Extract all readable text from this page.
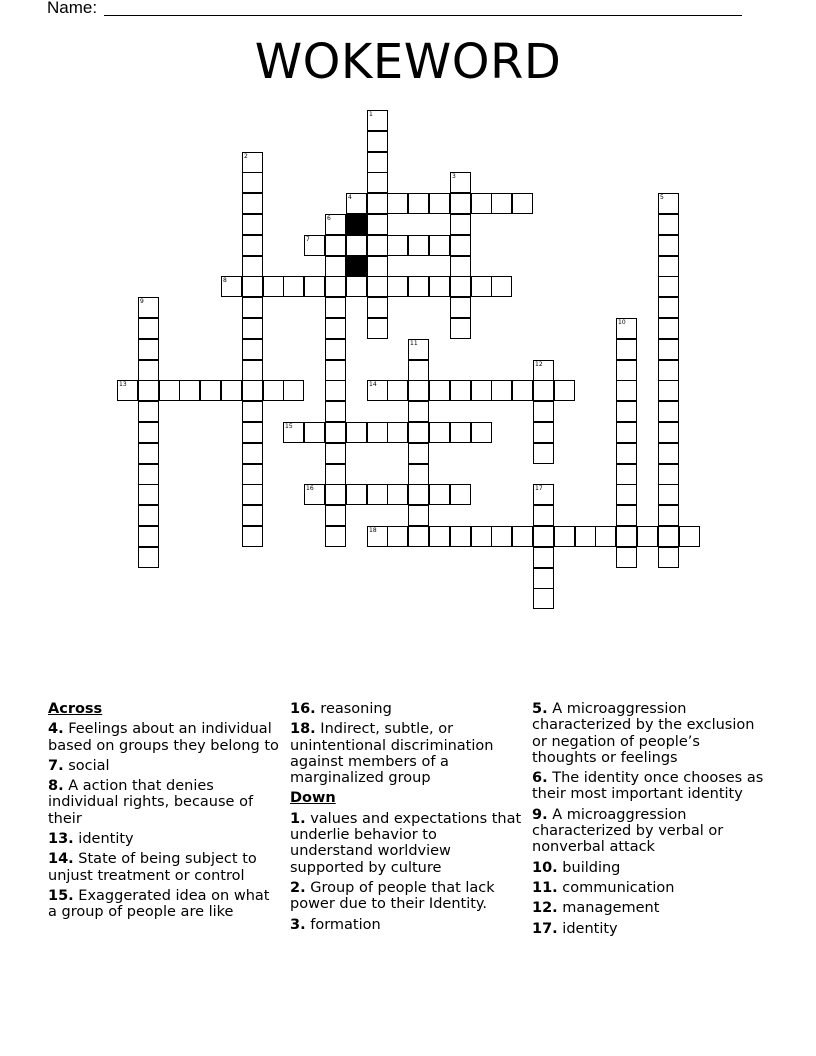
Name:
WOKEWORD
1
2
3
4	5
6
7
8
9
10
11
12
13	14
15
16	17
18
Across
4. Feelings about an individual based on groups they belong to
7. social
8. A action that denies individual rights, because of their
13. identity
14. State of being subject to unjust treatment or control
15. Exaggerated idea on what a group of people are like
16. reasoning
18. Indirect, subtle, or unintentional discrimination against members of a marginalized group
Down
1. values and expectations that underlie behavior to understand worldview supported by culture
2. Group of people that lack power due to their Identity.
3. formation
5. A microaggression characterized by the exclusion or negation of people’s thoughts or feelings
6. The identity once chooses as their most important identity
9. A microaggression characterized by verbal or nonverbal attack
10. building
11. communication
12. management
17. identity
